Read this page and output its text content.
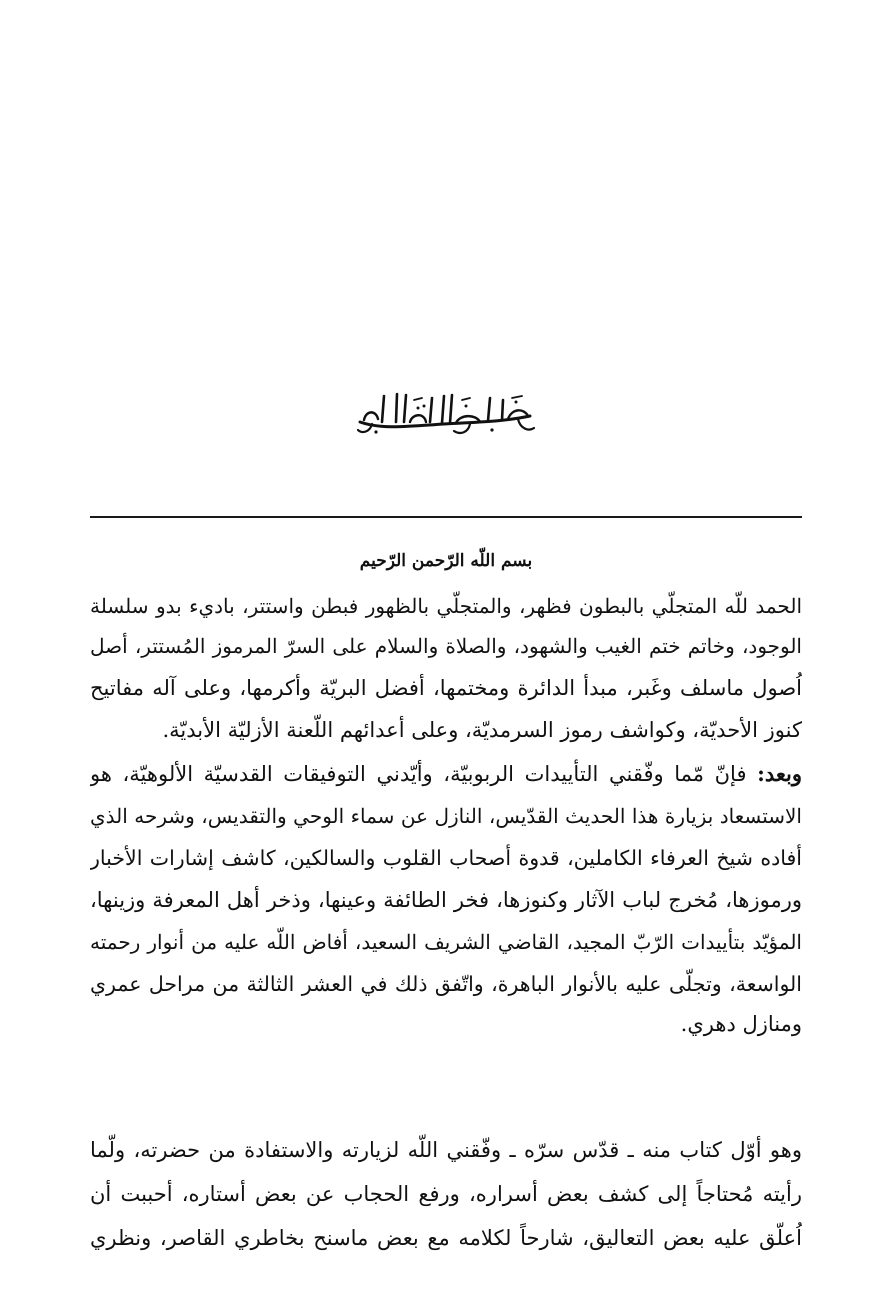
بسم اللّه الرّحمن الرّحيم
الحمد للّه المتجلّي بالبطون فظهر، والمتجلّي بالظهور فبطن واستتر، باديء بدو سلسلة
الوجود، وخاتم ختم الغيب والشهود، والصلاة والسلام على السرّ المرموز المُستتر، أصل
اُصول ماسلف وغَبر، مبدأ الدائرة ومختمها، أفضل البريّة وأكرمها، وعلى آله مفاتيح
كنوز الأحديّة، وكواشف رموز السرمديّة، وعلى أعدائهم اللّعنة الأزليّة الأبديّة.
وبعد: فإنّ مّما وفّقني التأييدات الربوبيّة، وأيّدني التوفيقات القدسيّة الألوهيّة، هو
الاستسعاد بزيارة هذا الحديث القدّيس، النازل عن سماء الوحي والتقديس، وشرحه الذي
أفاده شيخ العرفاء الكاملين، قدوة أصحاب القلوب والسالكين، كاشف إشارات الأخبار
ورموزها، مُخرج لباب الآثار وكنوزها، فخر الطائفة وعينها، وذخر أهل المعرفة وزينها،
المؤيّد بتأييدات الرّبّ المجيد، القاضي الشريف السعيد، أفاض اللّه عليه من أنوار رحمته
الواسعة، وتجلّى عليه بالأنوار الباهرة، واتّفق ذلك في العشر الثالثة من مراحل عمري
ومنازل دهري.
وهو أوّل كتاب منه ـ قدّس سرّه ـ وفّقني اللّه لزيارته والاستفادة من حضرته، ولّما
رأيته مُحتاجاً إلى كشف بعض أسراره، ورفع الحجاب عن بعض أستاره، أحببت أن
اُعلّق عليه بعض التعاليق، شارحاً لكلامه مع بعض ماسنح بخاطري القاصر، ونظري
